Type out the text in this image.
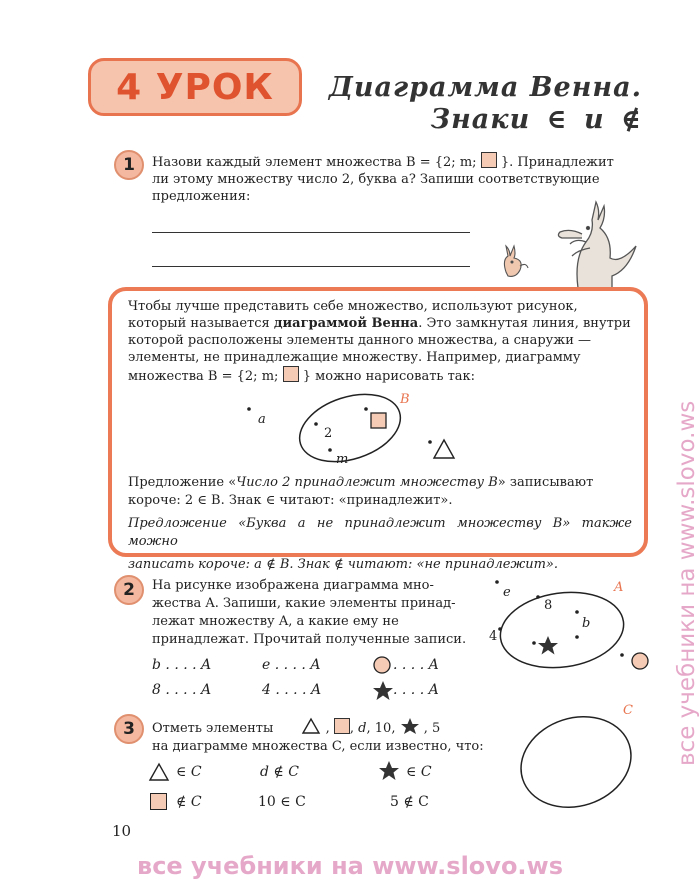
4 УРОК	Диаграмма Венна.
Знаки ∈ и ∉
1	Назови каждый элемент множества B = {2; m; }. Принадлежит
ли этому множеству число 2, буква a? Запиши соответствующие
предложения:
Чтобы лучше представить себе множество, используют рисунок,
который называется диаграммой Венна. Это замкнутая линия, внутри
которой расположены элементы данного множества, а снаружи —
элементы, не принадлежащие множеству. Например, диаграмму
множества B = {2; m; } можно нарисовать так:
B
a
2
m
Предложение «Число 2 принадлежит множеству B» записывают
короче: 2 ∈ B. Знак ∈ читают: «принадлежит».
Предложение «Буква a не принадлежит множеству B» также можно
записать короче: a ∉ B. Знак ∉ читают: «не принадлежит».
2	На рисунке изображена диаграмма мно-
жества A. Запиши, какие элементы принад-
лежат множеству A, а какие ему не
принадлежат. Прочитай полученные записи.
A
e
8
b
4
b . . . . A	e . . . . A	. . . . A
8 . . . . A	4 . . . . A	. . . . A
3	Отметь элементы	, , d, 10, , 5
на диаграмме множества C, если известно, что:
C
∈ C	d ∉ C	∈ C
∉ C	10 ∈ C	5 ∉ C
10
все учебники на www.slovo.ws
все учебники на www.slovo.ws
